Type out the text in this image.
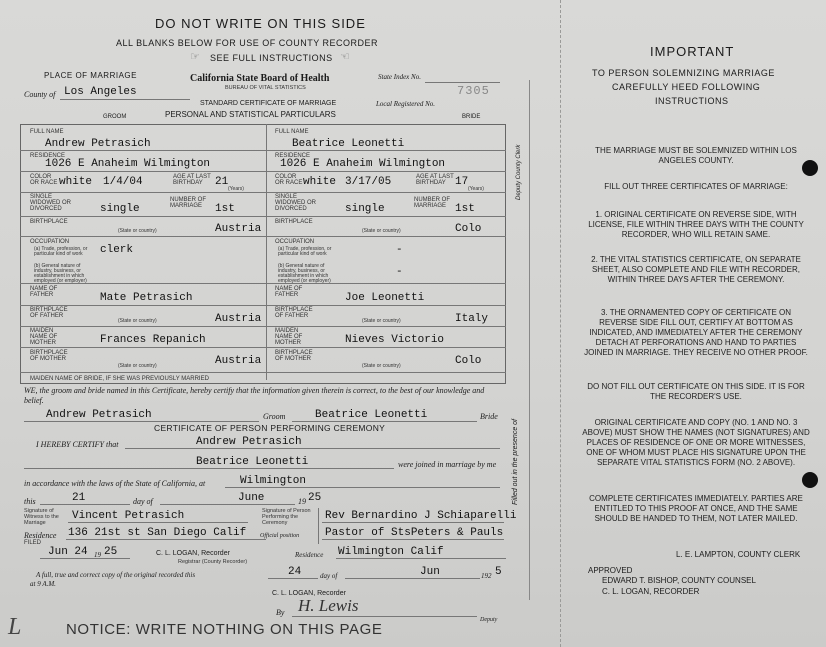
DO NOT WRITE ON THIS SIDE
ALL BLANKS BELOW FOR USE OF COUNTY RECORDER
SEE FULL INSTRUCTIONS
☞	☜
PLACE OF MARRIAGE
County of Los Angeles
California State Board of Health
BUREAU OF VITAL STATISTICS
STANDARD CERTIFICATE OF MARRIAGE
PERSONAL AND STATISTICAL PARTICULARS
State Index No.
Local Registered No.
7305
GROOM	BRIDE
FULL NAME
Andrew Petrasich
FULL NAME
Beatrice Leonetti
RESIDENCE
1026 E Anaheim Wilmington
RESIDENCE
1026 E Anaheim Wilmington
COLOR OR RACE white 1/4/04	AGE AT LAST BIRTHDAY	21
(Years)
COLOR OR RACE white 3/17/05	AGE AT LAST BIRTHDAY 17
(Years)
SINGLE WIDOWED OR DIVORCED	single
NUMBER OF MARRIAGE	1st
SINGLE WIDOWED OR DIVORCED	single
NUMBER OF MARRIAGE 1st
BIRTHPLACE
(State or country)	Austria
BIRTHPLACE
(State or country)	Colo
OCCUPATION
(a) Trade, profession, or particular kind of work	clerk
(b) General nature of industry, business, or establishment in which employed (or employer)
OCCUPATION
(a) Trade, profession, or particular kind of work	-
(b) General nature of industry, business, or establishment in which employed (or employer)
-
NAME OF FATHER	Mate Petrasich
NAME OF FATHER	Joe Leonetti
BIRTHPLACE OF FATHER
(State or country)	Austria
BIRTHPLACE OF FATHER
(State or country)	Italy
MAIDEN NAME OF MOTHER	Frances Repanich
MAIDEN NAME OF MOTHER	Nieves Victorio
BIRTHPLACE OF MOTHER
(State or country)	Austria
BIRTHPLACE OF MOTHER
(State or country)	Colo
MAIDEN NAME OF BRIDE, IF SHE WAS PREVIOUSLY MARRIED
Deputy County Clerk
Filled out in the presence of
WE, the groom and bride named in this Certificate, hereby certify that the information given therein is correct, to the best of our knowledge and belief.
Andrew Petrasich	Groom	Beatrice Leonetti	Bride
CERTIFICATE OF PERSON PERFORMING CEREMONY
I HEREBY CERTIFY that	Andrew Petrasich
Beatrice Leonetti	were joined in marriage by me
in accordance with the laws of the State of California, at	Wilmington
this	21	day of	June	19 25
Signature of Witness to the Marriage
Vincent Petrasich	Signature of Person Performing the Ceremony
Rev Bernardino J Schiaparelli
Residence 136 21st st San Diego Calif Official position Pastor of StsPeters & Pauls
FILED
Jun 24 19 25	C. L. LOGAN, Recorder	Residence Wilmington Calif
Registrar (County Recorder)
A full, true and correct copy of the original recorded this	24	day of	Jun	192 5
at 9 A.M.
C. L. LOGAN, Recorder
By H. Lewis
Deputy
L	NOTICE: WRITE NOTHING ON THIS PAGE
IMPORTANT
TO PERSON SOLEMNIZING MARRIAGE
CAREFULLY HEED FOLLOWING
INSTRUCTIONS
THE MARRIAGE MUST BE SOLEMNIZED WITHIN LOS ANGELES COUNTY.
FILL OUT THREE CERTIFICATES OF MARRIAGE:
1. ORIGINAL CERTIFICATE ON REVERSE SIDE, WITH LICENSE, FILE WITHIN THREE DAYS WITH THE COUNTY RECORDER, WHO WILL RETAIN SAME.
2. THE VITAL STATISTICS CERTIFICATE, ON SEPARATE SHEET, ALSO COMPLETE AND FILE WITH RECORDER, WITHIN THREE DAYS AFTER THE CEREMONY.
3. THE ORNAMENTED COPY OF CERTIFICATE ON REVERSE SIDE FILL OUT, CERTIFY AT BOTTOM AS INDICATED, AND IMMEDIATELY AFTER THE CEREMONY DETACH AT PERFORATIONS AND HAND TO PARTIES JOINED IN MARRIAGE. THEY RECEIVE NO OTHER PROOF.
DO NOT FILL OUT CERTIFICATE ON THIS SIDE. IT IS FOR THE RECORDER'S USE.
ORIGINAL CERTIFICATE AND COPY (NO. 1 AND NO. 3 ABOVE) MUST SHOW THE NAMES (NOT SIGNATURES) AND PLACES OF RESIDENCE OF ONE OR MORE WITNESSES, ONE OF WHOM MUST PLACE HIS SIGNATURE UPON THE SEPARATE VITAL STATISTICS FORM (NO. 2 ABOVE).
COMPLETE CERTIFICATES IMMEDIATELY. PARTIES ARE ENTITLED TO THIS PROOF AT ONCE, AND THE SAME SHOULD BE HANDED TO THEM, NOT LATER MAILED.
L. E. LAMPTON, COUNTY CLERK
APPROVED
EDWARD T. BISHOP, COUNTY COUNSEL
C. L. LOGAN, RECORDER
